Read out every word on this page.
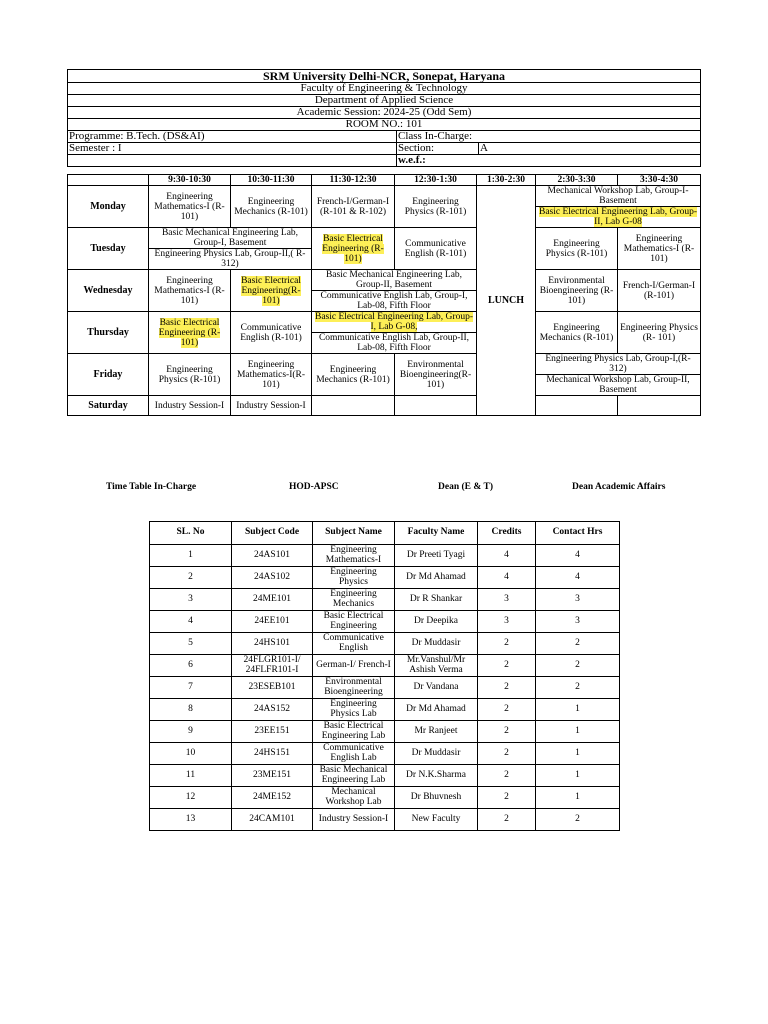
SRM University Delhi-NCR, Sonepat, Haryana		
Faculty of Engineering & Technology		
Department of Applied Science		
Academic Session: 2024-25 (Odd Sem)		
ROOM NO.: 101		
Programme: B.Tech. (DS&AI)	Class In-Charge:	
Semester : I	Section:	A
	w.e.f.:	
	9:30-10:30	10:30-11:30	11:30-12:30	12:30-1:30	1:30-2:30	2:30-3:30	3:30-4:30
Monday	Engineering Mathematics-I (R-101)	Engineering Mechanics (R-101)	French-I/German-I (R-101 & R-102)	Engineering Physics (R-101)	LUNCH	Mechanical Workshop Lab, Group-I-Basement	
						Basic Electrical Engineering Lab, Group-II, Lab G-08	
Tuesday	Basic Mechanical Engineering Lab, Group-I, Basement		Basic Electrical Engineering (R-101)	Communicative English (R-101)		Engineering Physics (R-101)	Engineering Mathematics-I (R-101)
	Engineering Physics Lab, Group-II,( R-312)						
Wednesday	Engineering Mathematics-I (R-101)	Basic Electrical Engineering(R-101)	Basic Mechanical Engineering Lab, Group-II, Basement			Environmental Bioengineering (R-101)	French-I/German-I (R-101)
			Communicative English Lab, Group-I, Lab-08, Fifth Floor				
Thursday	Basic Electrical Engineering (R-101)	Communicative English (R-101)	Basic Electrical Engineering Lab, Group-I, Lab G-08,			Engineering Mechanics (R-101)	Engineering Physics (R- 101)
			Communicative English Lab, Group-II, Lab-08, Fifth Floor				
Friday	Engineering Physics (R-101)	Engineering Mathematics-I(R-101)	Engineering Mechanics (R-101)	Environmental Bioengineering(R-101)		Engineering Physics Lab, Group-I,(R-312)	
						Mechanical Workshop Lab, Group-II, Basement	
Saturday	Industry Session-I	Industry Session-I					
Time Table In-Charge	HOD-APSC	Dean (E & T)	Dean Academic Affairs
SL. No	Subject Code	Subject Name	Faculty Name	Credits	Contact Hrs
1	24AS101	Engineering Mathematics-I	Dr Preeti Tyagi	4	4
2	24AS102	Engineering Physics	Dr Md Ahamad	4	4
3	24ME101	Engineering Mechanics	Dr R Shankar	3	3
4	24EE101	Basic Electrical Engineering	Dr Deepika	3	3
5	24HS101	Communicative English	Dr Muddasir	2	2
6	24FLGR101-I/ 24FLFR101-I	German-I/ French-I	Mr.Vanshul/Mr Ashish Verma	2	2
7	23ESEB101	Environmental Bioengineering	Dr Vandana	2	2
8	24AS152	Engineering Physics Lab	Dr Md Ahamad	2	1
9	23EE151	Basic Electrical Engineering Lab	Mr Ranjeet	2	1
10	24HS151	Communicative English Lab	Dr Muddasir	2	1
11	23ME151	Basic Mechanical Engineering Lab	Dr N.K.Sharma	2	1
12	24ME152	Mechanical Workshop Lab	Dr Bhuvnesh	2	1
13	24CAM101	Industry Session-I	New Faculty	2	2
